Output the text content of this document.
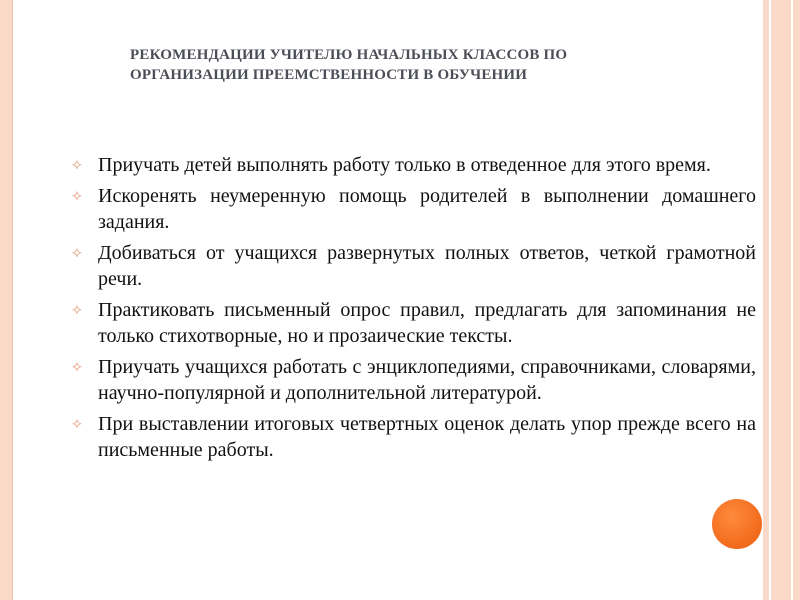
РЕКОМЕНДАЦИИ УЧИТЕЛЮ НАЧАЛЬНЫХ КЛАССОВ ПО ОРГАНИЗАЦИИ ПРЕЕМСТВЕННОСТИ В ОБУЧЕНИИ
⟡ Приучать детей выполнять работу только в отведенное для этого время.
⟡ Искоренять неумеренную помощь родителей в выполнении домашнего задания.
⟡ Добиваться от учащихся развернутых полных ответов, четкой грамотной речи.
⟡ Практиковать письменный опрос правил, предлагать для запоминания не только стихотворные, но и прозаические тексты.
⟡ Приучать учащихся работать с энциклопедиями, справочниками, словарями, научно-популярной и дополнительной литературой.
⟡ При выставлении итоговых четвертных оценок делать упор прежде всего на письменные работы.
